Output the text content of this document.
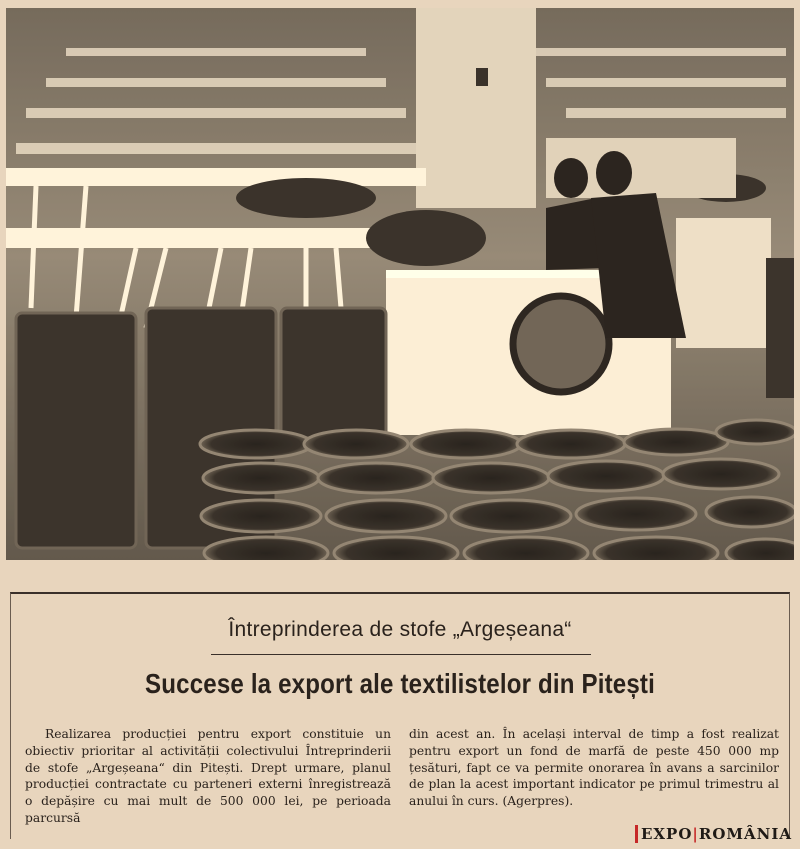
Întreprinderea de stofe „Argeșeana“
Succese la export ale textilistelor din Pitești

Realizarea producției pentru export constituie un obiectiv prioritar al activității colectivului Întreprinderii de stofe „Argeșeana“ din Pitești. Drept urmare, planul producției contractate cu parteneri externi înregistrează o depășire cu mai mult de 500 000 lei, pe perioada parcursă

din acest an. În același interval de timp a fost realizat pentru export un fond de marfă de peste 450 000 mp țesături, fapt ce va permite onorarea în avans a sarcinilor de plan la acest important indicator pe primul trimestru al anului în curs. (Agerpres).

EXPO|ROMÂNIA
